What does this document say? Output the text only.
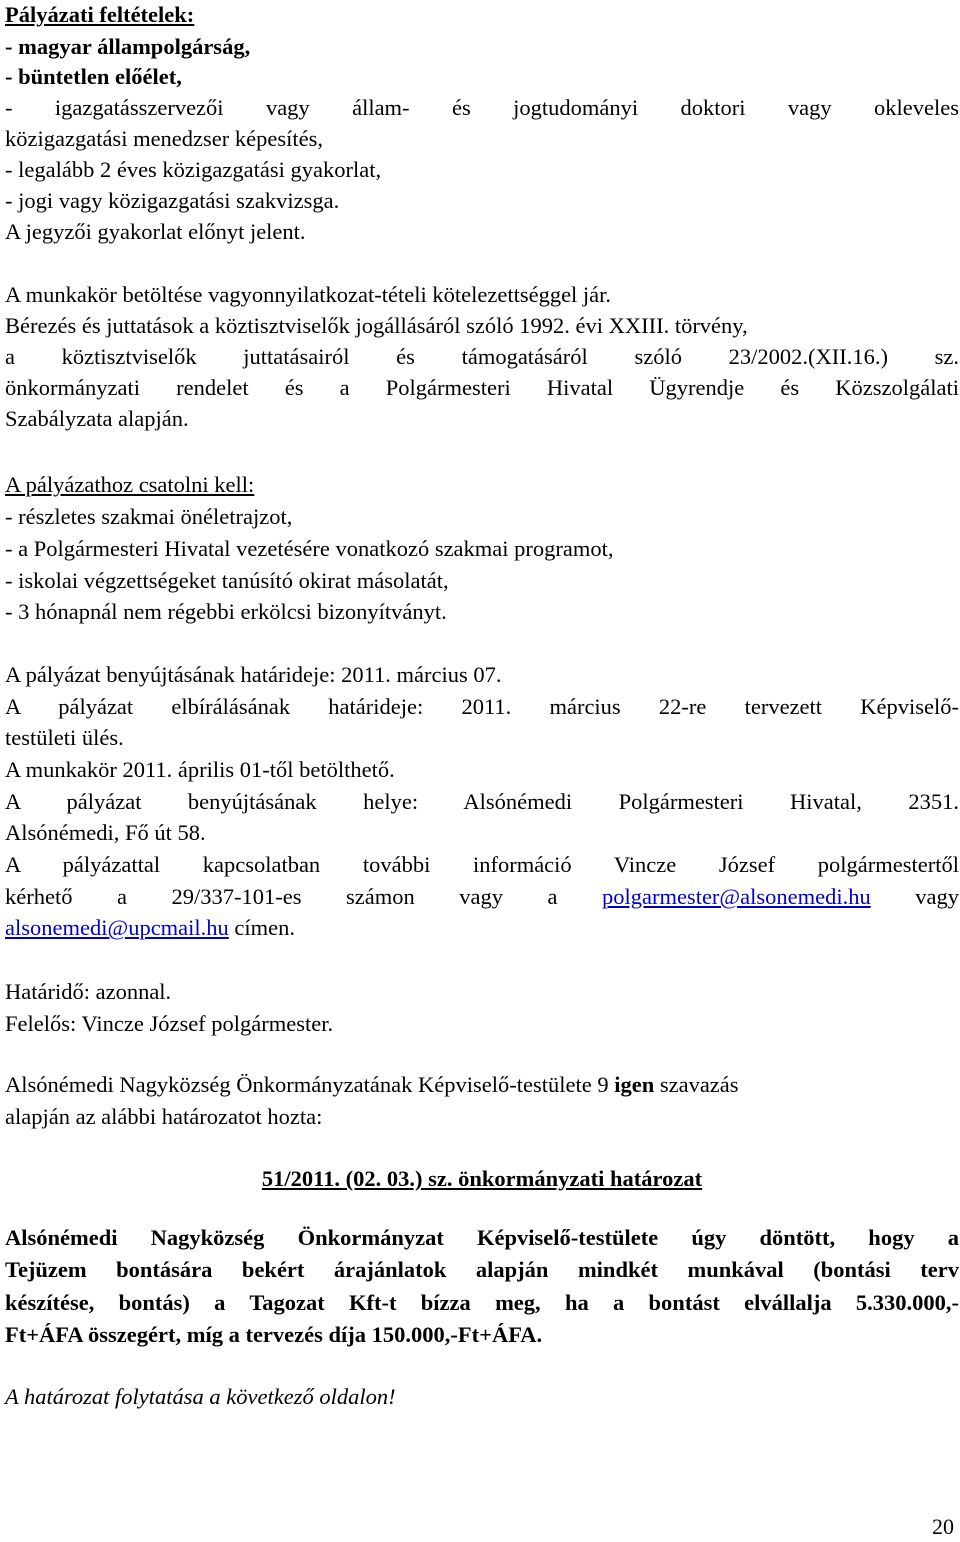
Pályázati feltételek:
- magyar állampolgárság,
- büntetlen előélet,
- igazgatásszervezői vagy állam- és jogtudományi doktori vagy okleveles
közigazgatási menedzser képesítés,
- legalább 2 éves közigazgatási gyakorlat,
- jogi vagy közigazgatási szakvizsga.
A jegyzői gyakorlat előnyt jelent.
A munkakör betöltése vagyonnyilatkozat-tételi kötelezettséggel jár.
Bérezés és juttatások a köztisztviselők jogállásáról szóló 1992. évi XXIII. törvény,
a köztisztviselők juttatásairól és támogatásáról szóló 23/2002.(XII.16.) sz.
önkormányzati rendelet és a Polgármesteri Hivatal Ügyrendje és Közszolgálati
Szabályzata alapján.
A pályázathoz csatolni kell:
- részletes szakmai önéletrajzot,
- a Polgármesteri Hivatal vezetésére vonatkozó szakmai programot,
- iskolai végzettségeket tanúsító okirat másolatát,
- 3 hónapnál nem régebbi erkölcsi bizonyítványt.
A pályázat benyújtásának határideje: 2011. március 07.
A pályázat elbírálásának határideje: 2011. március 22-re tervezett Képviselő-
testületi ülés.
A munkakör 2011. április 01-től betölthető.
A pályázat benyújtásának helye: Alsónémedi Polgármesteri Hivatal, 2351.
Alsónémedi, Fő út 58.
A pályázattal kapcsolatban további információ Vincze József polgármestertől
kérhető a 29/337-101-es számon vagy a polgarmester@alsonemedi.hu vagy
alsonemedi@upcmail.hu címen.
Határidő: azonnal.
Felelős: Vincze József polgármester.
Alsónémedi Nagyközség Önkormányzatának Képviselő-testülete 9 igen szavazás
alapján az alábbi határozatot hozta:
51/2011. (02. 03.) sz. önkormányzati határozat
Alsónémedi Nagyközség Önkormányzat Képviselő-testülete úgy döntött, hogy a
Tejüzem bontására bekért árajánlatok alapján mindkét munkával (bontási terv
készítése, bontás) a Tagozat Kft-t bízza meg, ha a bontást elvállalja 5.330.000,-
Ft+ÁFA összegért, míg a tervezés díja 150.000,-Ft+ÁFA.
A határozat folytatása a következő oldalon!
20
